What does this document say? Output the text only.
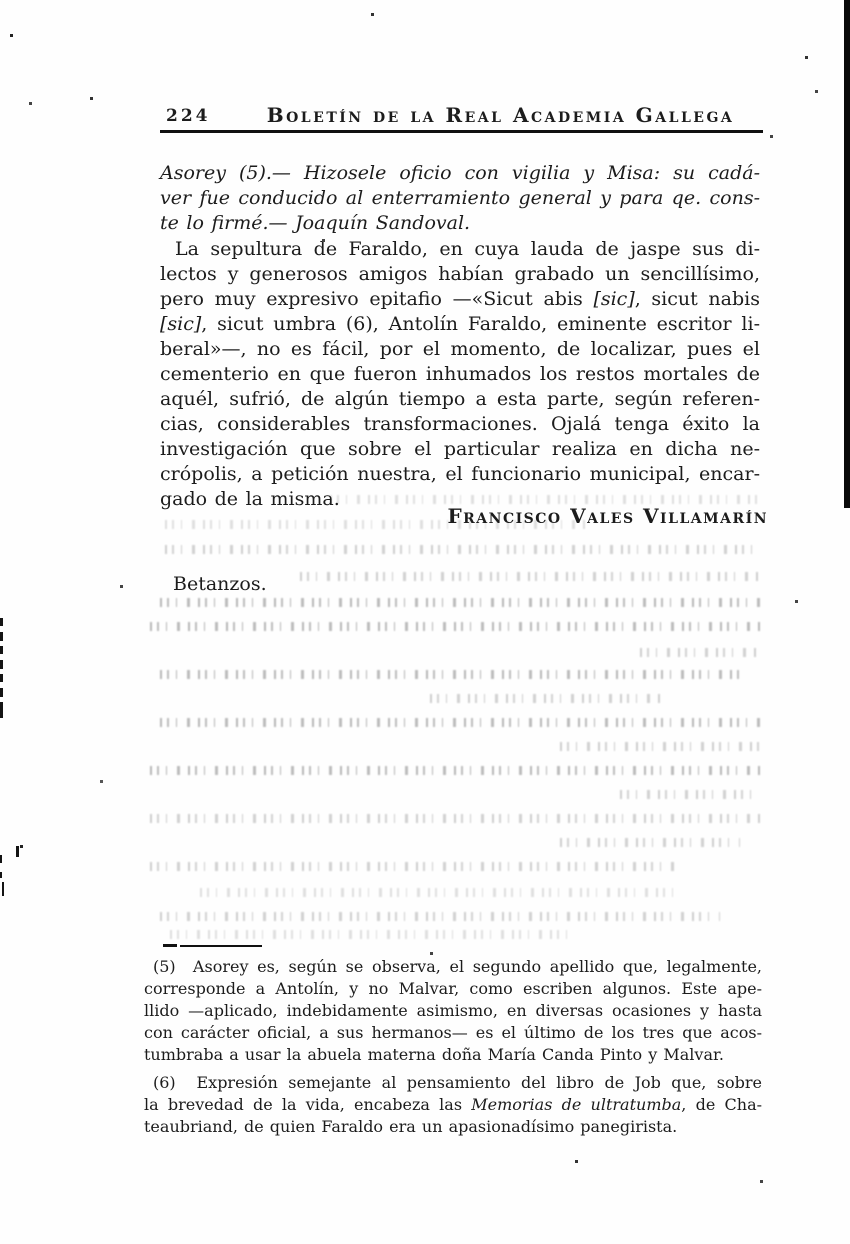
224	Boletín de la Real Academia Gallega
Asorey (5).— Hizosele oficio con vigilia y Misa: su cadá-
ver fue conducido al enterramiento general y para qe. cons-
te lo firmé.— Joaquín Sandoval.
La sepultura de Faraldo, en cuya lauda de jaspe sus di-
lectos y generosos amigos habían grabado un sencillísimo,
pero muy expresivo epitafio —«Sicut abis [sic], sicut nabis
[sic], sicut umbra (6), Antolín Faraldo, eminente escritor li-
beral»—, no es fácil, por el momento, de localizar, pues el
cementerio en que fueron inhumados los restos mortales de
aquél, sufrió, de algún tiempo a esta parte, según referen-
cias, considerables transformaciones. Ojalá tenga éxito la
investigación que sobre el particular realiza en dicha ne-
crópolis, a petición nuestra, el funcionario municipal, encar-
gado de la misma.
Francisco Vales Villamarín
Betanzos.
(5)  Asorey es, según se observa, el segundo apellido que, legalmente,
corresponde a Antolín, y no Malvar, como escriben algunos. Este ape-
llido —aplicado, indebidamente asimismo, en diversas ocasiones y hasta
con carácter oficial, a sus hermanos— es el último de los tres que acos-
tumbraba a usar la abuela materna doña María Canda Pinto y Malvar.
(6)  Expresión semejante al pensamiento del libro de Job que, sobre
la brevedad de la vida, encabeza las Memorias de ultratumba, de Cha-
teaubriand, de quien Faraldo era un apasionadísimo panegirista.
